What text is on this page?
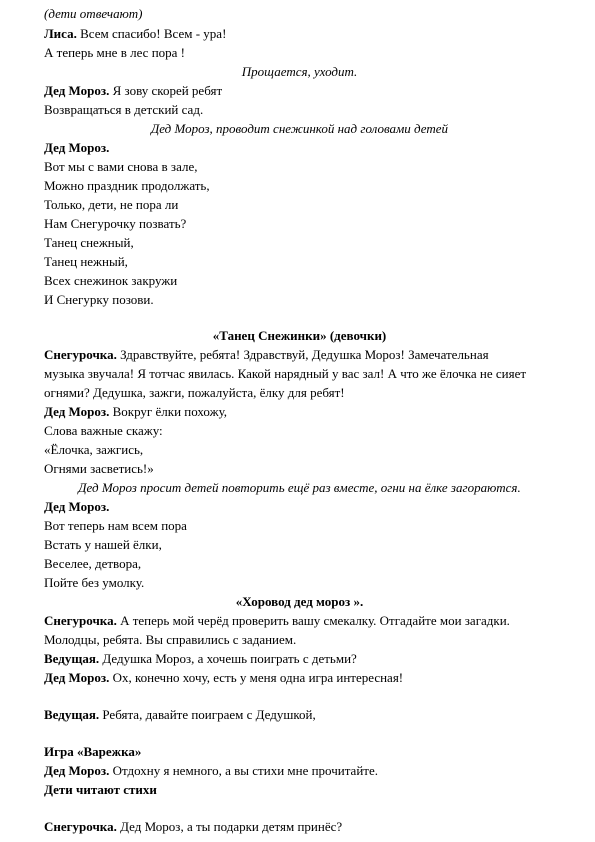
(дети отвечают)
Лиса. Всем спасибо! Всем - ура!
А теперь мне в лес пора !
Прощается, уходит.
Дед Мороз. Я зову скорей ребят
Возвращаться в детский сад.
Дед Мороз, проводит снежинкой над головами детей
Дед Мороз.
Вот мы с вами снова в зале,
Можно праздник продолжать,
Только, дети, не пора ли
Нам Снегурочку позвать?
Танец снежный,
Танец нежный,
Всех снежинок закружи
И Снегурку позови.
«Танец Снежинки» (девочки)
Снегурочка. Здравствуйте, ребята! Здравствуй, Дедушка Мороз! Замечательная
музыка звучала! Я тотчас явилась. Какой нарядный у вас зал! А что же ёлочка не сияет
огнями? Дедушка, зажги, пожалуйста, ёлку для ребят!
Дед Мороз. Вокруг ёлки похожу,
Слова важные скажу:
«Ёлочка, зажгись,
Огнями засветись!»
Дед Мороз просит детей повторить ещё раз вместе, огни на ёлке загораются.
Дед Мороз.
Вот теперь нам всем пора
Встать у нашей ёлки,
Веселее, детвора,
Пойте без умолку.
«Хоровод дед мороз ».
Снегурочка. А теперь мой черёд проверить вашу смекалку. Отгадайте мои загадки.
Молодцы, ребята. Вы справились с заданием.
Ведущая. Дедушка Мороз, а хочешь поиграть с детьми?
Дед Мороз. Ох, конечно хочу, есть у меня одна игра интересная!
Ведущая. Ребята, давайте поиграем с Дедушкой,
Игра «Варежка»
Дед Мороз. Отдохну я немного, а вы стихи мне прочитайте.
Дети читают стихи
Снегурочка. Дед Мороз, а ты подарки детям принёс?
